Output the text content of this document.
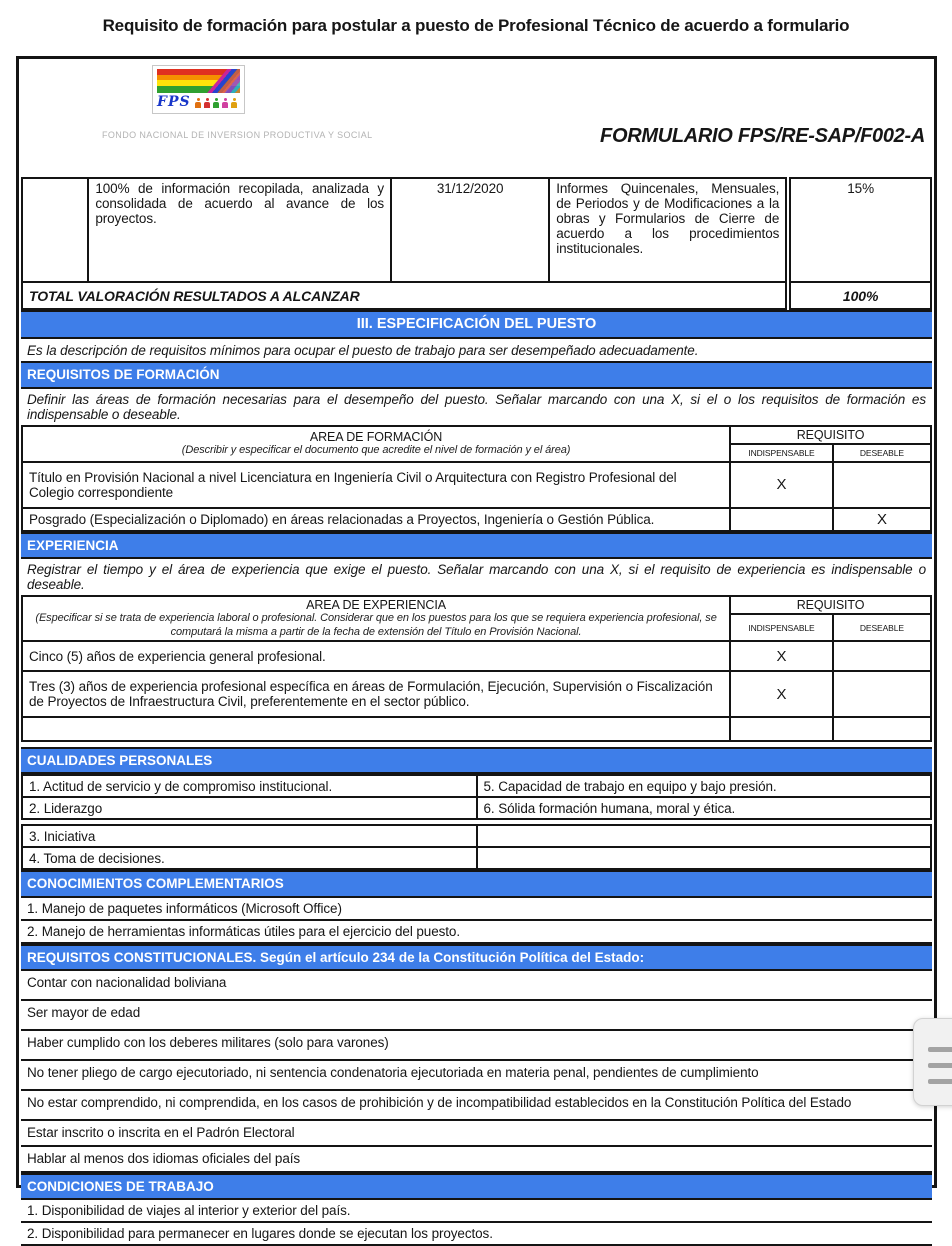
Requisito de formación para postular a puesto de Profesional Técnico de acuerdo a formulario
FPS
FONDO NACIONAL DE INVERSION PRODUCTIVA Y SOCIAL	FORMULARIO FPS/RE-SAP/F002-A
	100% de información recopilada, analizada y consolidada de acuerdo al avance de los proyectos.	31/12/2020	Informes Quincenales, Mensuales, de Periodos y de Modificaciones a la obras y Formularios de Cierre de acuerdo a los procedimientos institucionales.	15%
TOTAL VALORACIÓN RESULTADOS A ALCANZAR				100%
III. ESPECIFICACIÓN DEL PUESTO
Es la descripción de requisitos mínimos para ocupar el puesto de trabajo para ser desempeñado adecuadamente.
REQUISITOS DE FORMACIÓN
Definir las áreas de formación necesarias para el desempeño del puesto. Señalar marcando con una X, si el o los requisitos de formación es indispensable o deseable.
AREA DE FORMACIÓN
(Describir y especificar el documento que acredite el nivel de formación y el área)	REQUISITO	
	INDISPENSABLE	DESEABLE
Título en Provisión Nacional a nivel Licenciatura en Ingeniería Civil o Arquitectura con Registro Profesional del Colegio correspondiente	X	
Posgrado (Especialización o Diplomado) en áreas relacionadas a Proyectos, Ingeniería o Gestión Pública.		X
EXPERIENCIA
Registrar el tiempo y el área de experiencia que exige el puesto. Señalar marcando con una X, si el requisito de experiencia es indispensable o deseable.
AREA DE EXPERIENCIA
(Especificar si se trata de experiencia laboral o profesional. Considerar que en los puestos para los que se requiera experiencia profesional, se computará la misma a partir de la fecha de extensión del Título en Provisión Nacional.	REQUISITO	
	INDISPENSABLE	DESEABLE
Cinco (5) años de experiencia general profesional.	X	
Tres (3) años de experiencia profesional específica en áreas de Formulación, Ejecución, Supervisión o Fiscalización de Proyectos de Infraestructura Civil, preferentemente en el sector público.	X	

CUALIDADES PERSONALES
1. Actitud de servicio y de compromiso institucional.	5. Capacidad de trabajo en equipo y bajo presión.
2. Liderazgo	6. Sólida formación humana, moral y ética.
3. Iniciativa	
4. Toma de decisiones.	
CONOCIMIENTOS COMPLEMENTARIOS
1. Manejo de paquetes informáticos (Microsoft Office)
2. Manejo de herramientas informáticas útiles para el ejercicio del puesto.
REQUISITOS CONSTITUCIONALES. Según el artículo 234 de la Constitución Política del Estado:
Contar con nacionalidad boliviana
Ser mayor de edad
Haber cumplido con los deberes militares (solo para varones)
No tener pliego de cargo ejecutoriado, ni sentencia condenatoria ejecutoriada en materia penal, pendientes de cumplimiento
No estar comprendido, ni comprendida, en los casos de prohibición y de incompatibilidad establecidos en la Constitución Política del Estado
Estar inscrito o inscrita en el Padrón Electoral
Hablar al menos dos idiomas oficiales del país
CONDICIONES DE TRABAJO
1. Disponibilidad de viajes al interior y exterior del país.
2. Disponibilidad para permanecer en lugares donde se ejecutan los proyectos.
